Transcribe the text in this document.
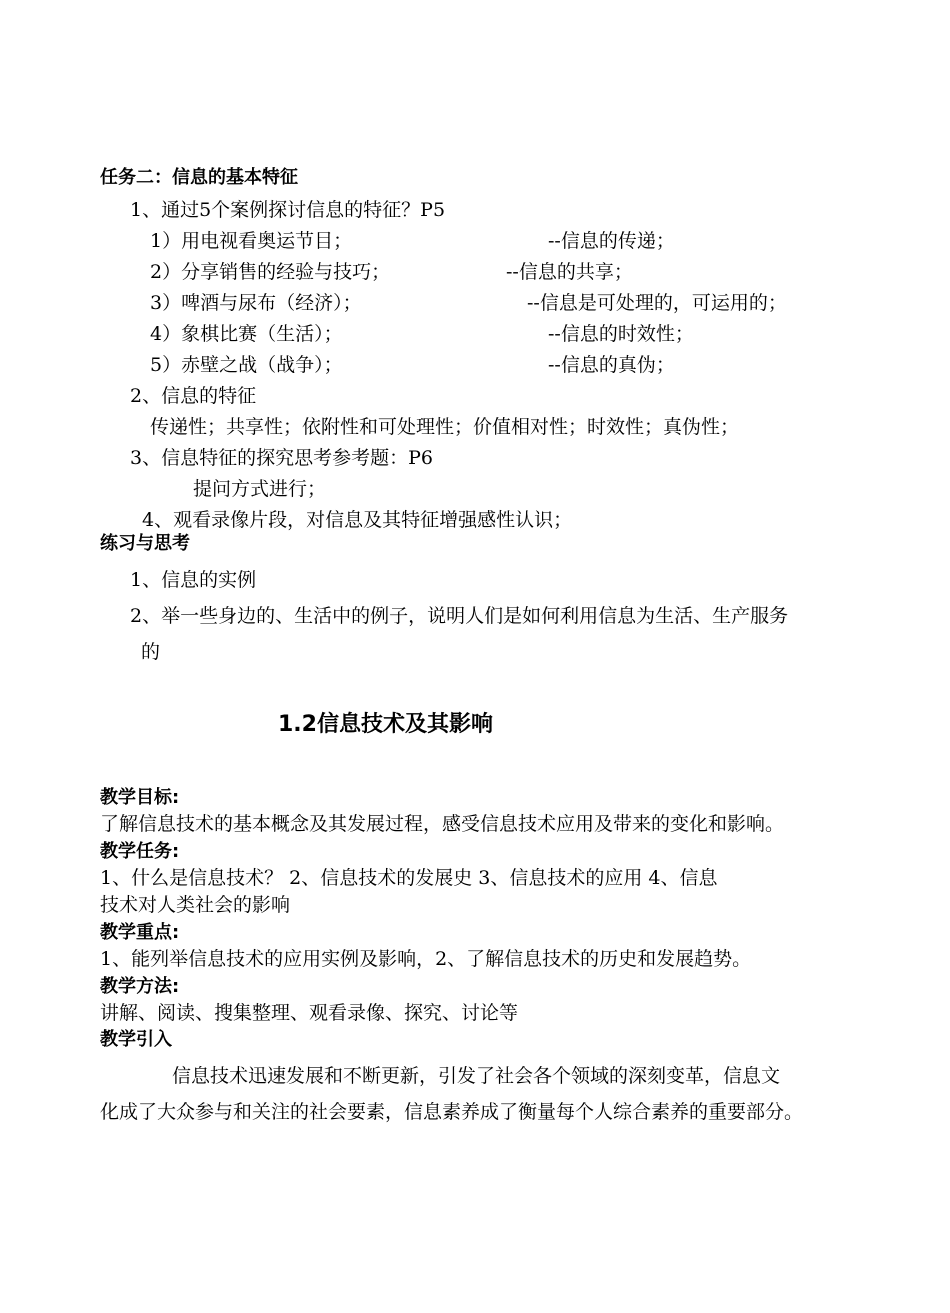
任务二：信息的基本特征
1、通过5个案例探讨信息的特征？P5
1）用电视看奥运节目；	--信息的传递；
2）分享销售的经验与技巧；	--信息的共享；
3）啤酒与尿布（经济）；	--信息是可处理的，可运用的；
4）象棋比赛（生活）；	--信息的时效性；
5）赤壁之战（战争）；	--信息的真伪；
2、信息的特征
传递性；共享性；依附性和可处理性；价值相对性；时效性；真伪性；
3、信息特征的探究思考参考题：P6
提问方式进行；
4、观看录像片段，对信息及其特征增强感性认识；
练习与思考
1、信息的实例
2、举一些身边的、生活中的例子，说明人们是如何利用信息为生活、生产服务
的
1.2信息技术及其影响
教学目标:
了解信息技术的基本概念及其发展过程，感受信息技术应用及带来的变化和影响。
教学任务:
1、什么是信息技术？ 2、信息技术的发展史 3、信息技术的应用 4、信息
技术对人类社会的影响
教学重点:
1、能列举信息技术的应用实例及影响，2、了解信息技术的历史和发展趋势。
教学方法:
讲解、阅读、搜集整理、观看录像、探究、讨论等
教学引入
信息技术迅速发展和不断更新，引发了社会各个领域的深刻变革，信息文
化成了大众参与和关注的社会要素，信息素养成了衡量每个人综合素养的重要部分。
